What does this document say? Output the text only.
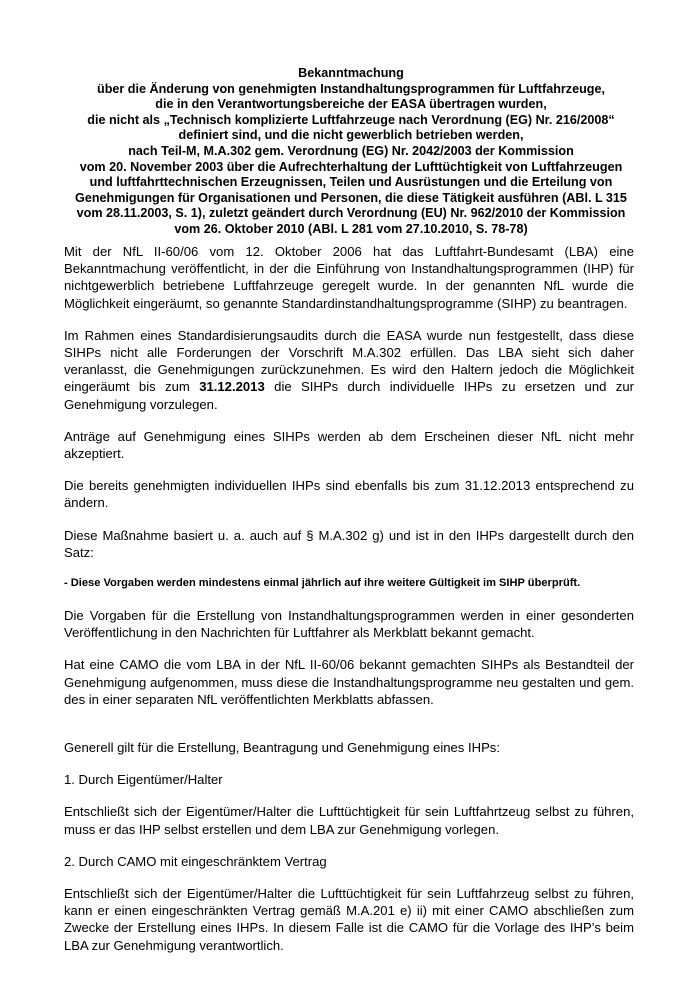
Bekanntmachung
über die Änderung von genehmigten Instandhaltungsprogrammen für Luftfahrzeuge,
die in den Verantwortungsbereiche der EASA übertragen wurden,
die nicht als „Technisch komplizierte Luftfahrzeuge nach Verordnung (EG) Nr. 216/2008“
definiert sind, und die nicht gewerblich betrieben werden,
nach Teil-M, M.A.302 gem. Verordnung (EG) Nr. 2042/2003 der Kommission
vom 20. November 2003 über die Aufrechterhaltung der Lufttüchtigkeit von Luftfahrzeugen
und luftfahrttechnischen Erzeugnissen, Teilen und Ausrüstungen und die Erteilung von
Genehmigungen für Organisationen und Personen, die diese Tätigkeit ausführen (ABl. L 315
vom 28.11.2003, S. 1), zuletzt geändert durch Verordnung (EU) Nr. 962/2010 der Kommission
vom 26. Oktober 2010 (ABl. L 281 vom 27.10.2010, S. 78-78)

Mit der NfL II-60/06 vom 12. Oktober 2006 hat das Luftfahrt-Bundesamt (LBA) eine Bekanntmachung veröffentlicht, in der die Einführung von Instandhaltungsprogrammen (IHP) für nichtgewerblich betriebene Luftfahrzeuge geregelt wurde. In der genannten NfL wurde die Möglichkeit eingeräumt, so genannte Standardinstandhaltungsprogramme (SIHP) zu beantragen.

Im Rahmen eines Standardisierungsaudits durch die EASA wurde nun festgestellt, dass diese SIHPs nicht alle Forderungen der Vorschrift M.A.302 erfüllen. Das LBA sieht sich daher veranlasst, die Genehmigungen zurückzunehmen. Es wird den Haltern jedoch die Möglichkeit eingeräumt bis zum 31.12.2013 die SIHPs durch individuelle IHPs zu ersetzen und zur Genehmigung vorzulegen.

Anträge auf Genehmigung eines SIHPs werden ab dem Erscheinen dieser NfL nicht mehr akzeptiert.

Die bereits genehmigten individuellen IHPs sind ebenfalls bis zum 31.12.2013 entsprechend zu ändern.

Diese Maßnahme basiert u. a. auch auf § M.A.302 g) und ist in den IHPs dargestellt durch den Satz:

- Diese Vorgaben werden mindestens einmal jährlich auf ihre weitere Gültigkeit im SIHP überprüft.

Die Vorgaben für die Erstellung von Instandhaltungsprogrammen werden in einer gesonderten Veröffentlichung in den Nachrichten für Luftfahrer als Merkblatt bekannt gemacht.

Hat eine CAMO die vom LBA in der NfL II-60/06 bekannt gemachten SIHPs als Bestandteil der Genehmigung aufgenommen, muss diese die Instandhaltungsprogramme neu gestalten und gem. des in einer separaten NfL veröffentlichten Merkblatts abfassen.

Generell gilt für die Erstellung, Beantragung und Genehmigung eines IHPs:

1. Durch Eigentümer/Halter

Entschließt sich der Eigentümer/Halter die Lufttüchtigkeit für sein Luftfahrtzeug selbst zu führen, muss er das IHP selbst erstellen und dem LBA zur Genehmigung vorlegen.

2. Durch CAMO mit eingeschränktem Vertrag

Entschließt sich der Eigentümer/Halter die Lufttüchtigkeit für sein Luftfahrzeug selbst zu führen, kann er einen eingeschränkten Vertrag gemäß M.A.201 e) ii) mit einer CAMO abschließen zum Zwecke der Erstellung eines IHPs. In diesem Falle ist die CAMO für die Vorlage des IHP’s beim LBA zur Genehmigung verantwortlich.
